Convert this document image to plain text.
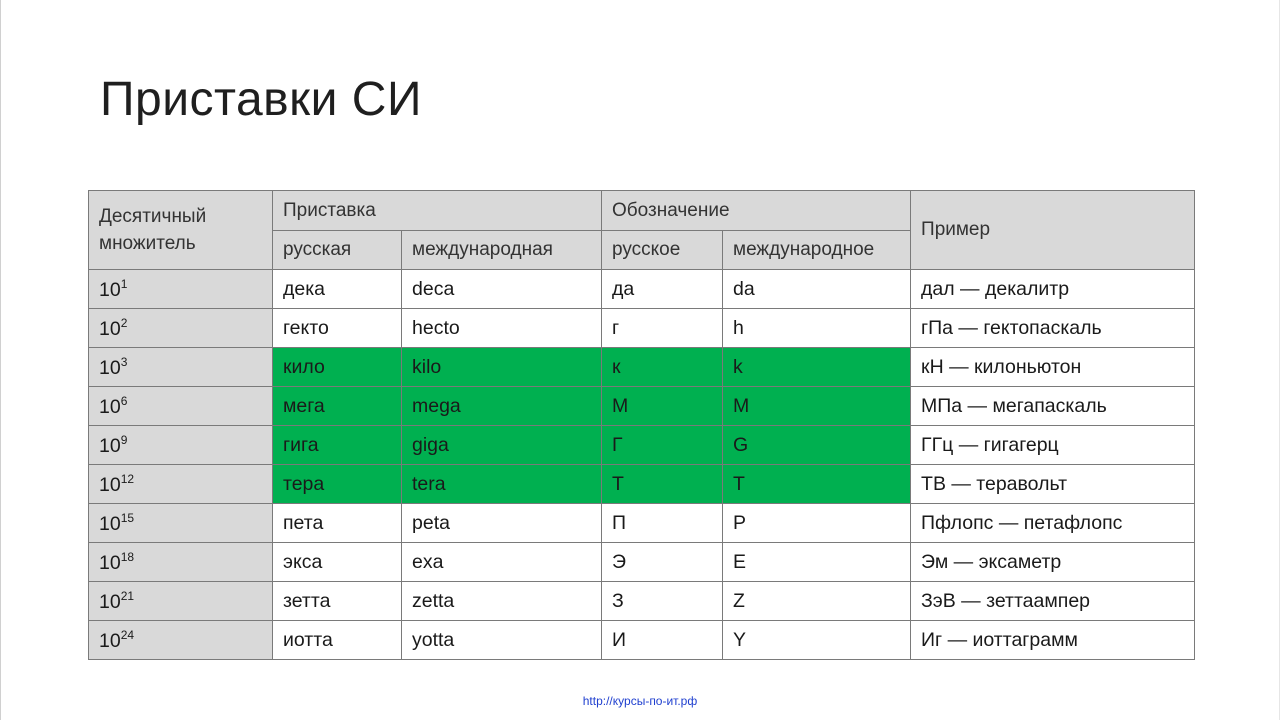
Приставки СИ
Десятичный множитель	Приставка		Обозначение		Пример
	русская	международная	русское	международное	
$10^1$	дека	deca	да	da	дал — декалитр
$10^2$	гекто	hecto	г	h	гПа — гектопаскаль
$10^3$	кило	kilo	к	k	кН — килоньютон
$10^6$	мега	mega	М	M	МПа — мегапаскаль
$10^9$	гига	giga	Г	G	ГГц — гигагерц
$10^{12}$	тера	tera	Т	T	ТВ — теравольт
$10^{15}$	пета	peta	П	P	Пфлопс — петафлопс
$10^{18}$	экса	exa	Э	E	Эм — эксаметр
$10^{21}$	зетта	zetta	З	Z	ЗэВ — зеттаампер
$10^{24}$	иотта	yotta	И	Y	Иг — иоттаграмм
http://курсы-по-ит.рф
